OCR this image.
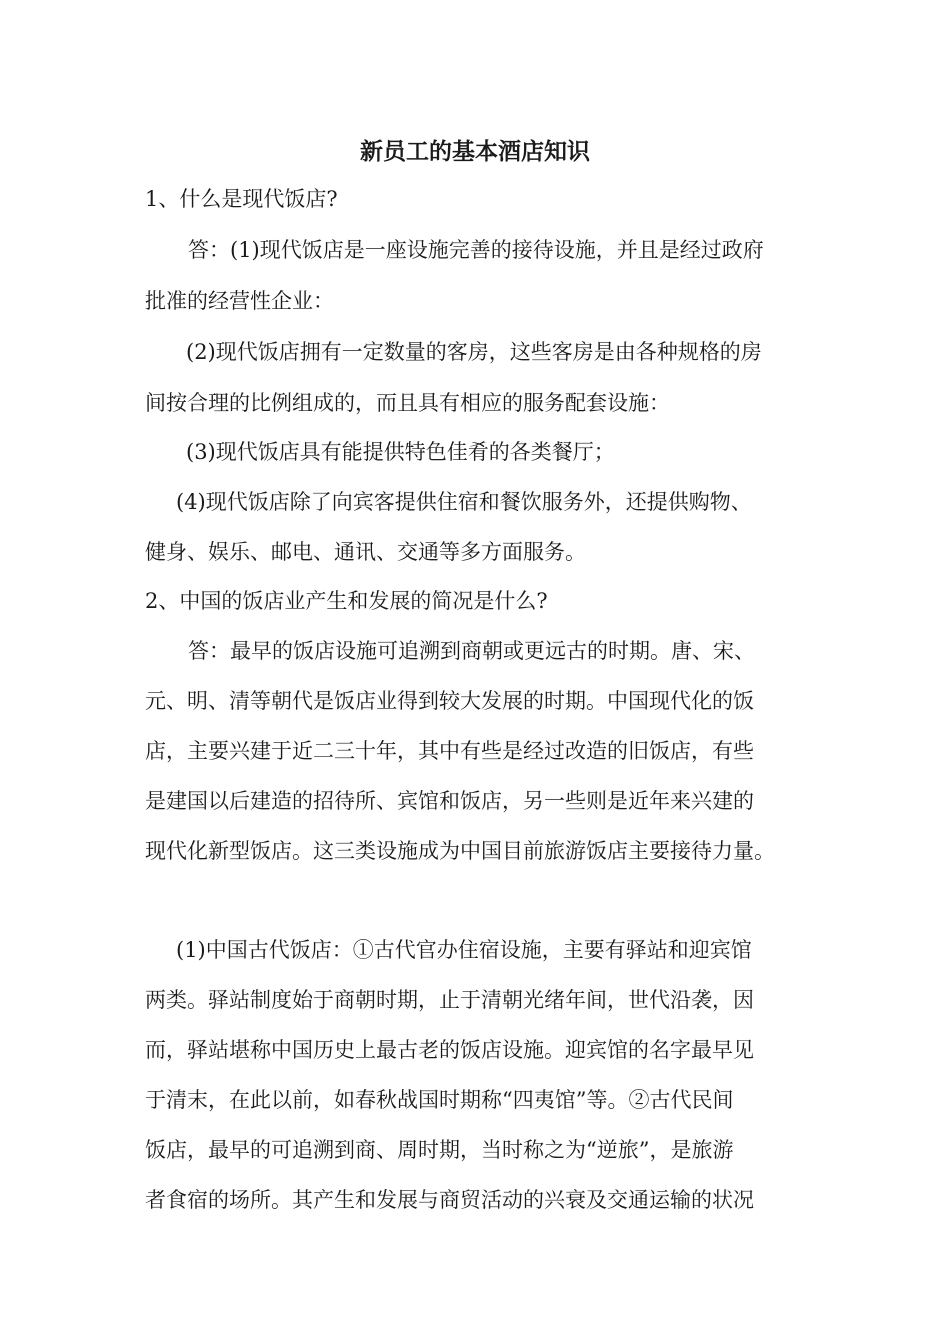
新员工的基本酒店知识
1、什么是现代饭店?
答：(1)现代饭店是一座设施完善的接待设施，并且是经过政府
批准的经营性企业：
(2)现代饭店拥有一定数量的客房，这些客房是由各种规格的房
间按合理的比例组成的，而且具有相应的服务配套设施：
(3)现代饭店具有能提供特色佳肴的各类餐厅；
(4)现代饭店除了向宾客提供住宿和餐饮服务外，还提供购物、
健身、娱乐、邮电、通讯、交通等多方面服务。
2、中国的饭店业产生和发展的简况是什么?
答：最早的饭店设施可追溯到商朝或更远古的时期。唐、宋、
元、明、清等朝代是饭店业得到较大发展的时期。中国现代化的饭
店，主要兴建于近二三十年，其中有些是经过改造的旧饭店，有些
是建国以后建造的招待所、宾馆和饭店，另一些则是近年来兴建的
现代化新型饭店。这三类设施成为中国目前旅游饭店主要接待力量。
(1)中国古代饭店：①古代官办住宿设施，主要有驿站和迎宾馆
两类。驿站制度始于商朝时期，止于清朝光绪年间，世代沿袭，因
而，驿站堪称中国历史上最古老的饭店设施。迎宾馆的名字最早见
于清末，在此以前，如春秋战国时期称“四夷馆”等。②古代民间
饭店，最早的可追溯到商、周时期，当时称之为“逆旅”，是旅游
者食宿的场所。其产生和发展与商贸活动的兴衰及交通运输的状况
